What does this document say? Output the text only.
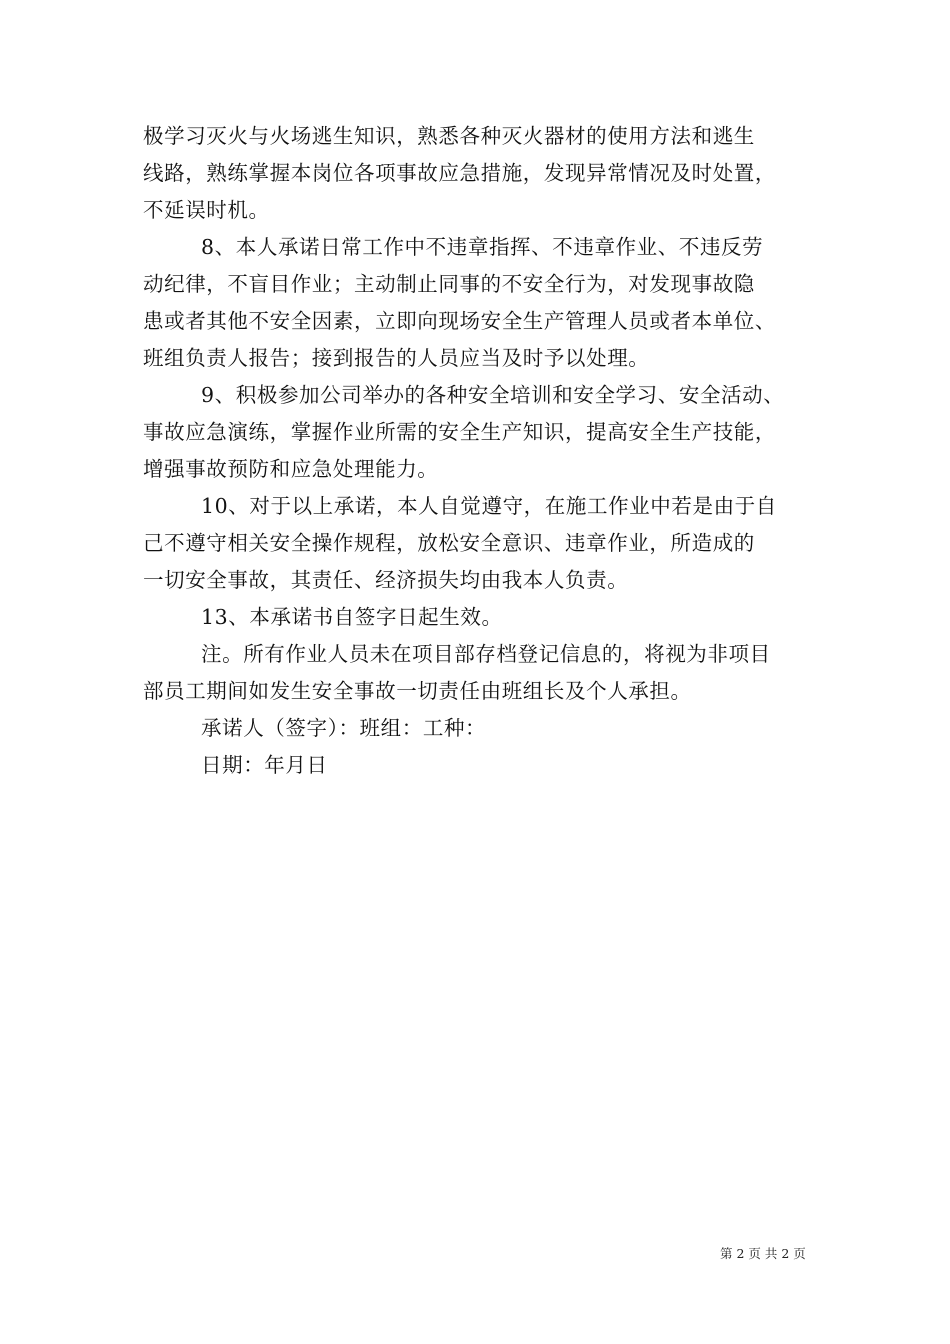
极学习灭火与火场逃生知识，熟悉各种灭火器材的使用方法和逃生
线路，熟练掌握本岗位各项事故应急措施，发现异常情况及时处置，
不延误时机。
8、本人承诺日常工作中不违章指挥、不违章作业、不违反劳
动纪律，不盲目作业；主动制止同事的不安全行为，对发现事故隐
患或者其他不安全因素，立即向现场安全生产管理人员或者本单位、
班组负责人报告；接到报告的人员应当及时予以处理。
9、积极参加公司举办的各种安全培训和安全学习、安全活动、
事故应急演练，掌握作业所需的安全生产知识，提高安全生产技能，
增强事故预防和应急处理能力。
10、对于以上承诺，本人自觉遵守，在施工作业中若是由于自
己不遵守相关安全操作规程，放松安全意识、违章作业，所造成的
一切安全事故，其责任、经济损失均由我本人负责。
13、本承诺书自签字日起生效。
注。所有作业人员未在项目部存档登记信息的，将视为非项目
部员工期间如发生安全事故一切责任由班组长及个人承担。
承诺人（签字）：班组：工种：
日期：年月日
第 2 页 共 2 页
